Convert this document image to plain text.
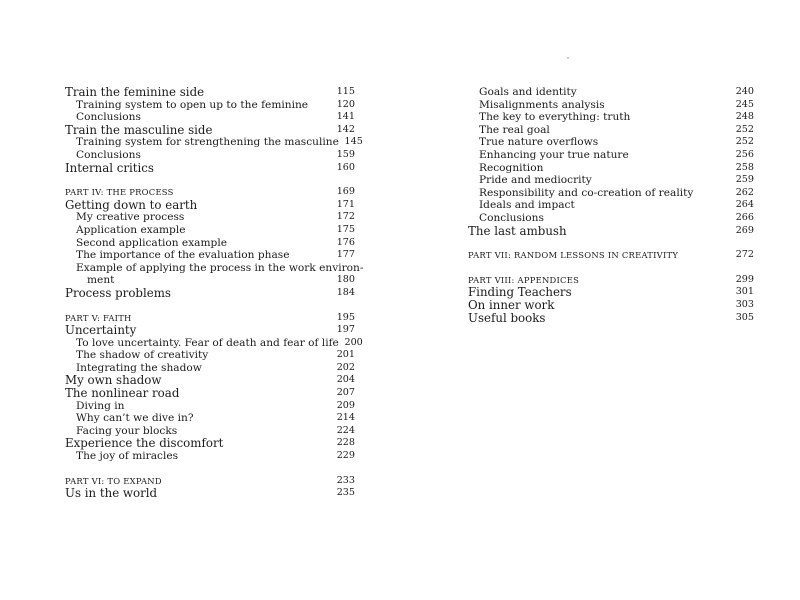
Train the feminine side	115
Training system to open up to the feminine	120
Conclusions	141
Train the masculine side	142
Training system for strengthening the masculine 145
Conclusions	159
Internal critics	160
PART IV: THE PROCESS	169
Getting down to earth	171
My creative process	172
Application example	175
Second application example	176
The importance of the evaluation phase	177
Example of applying the process in the work environ-
ment	180
Process problems	184
PART V: FAITH	195
Uncertainty	197
To love uncertainty. Fear of death and fear of life 200
The shadow of creativity	201
Integrating the shadow	202
My own shadow	204
The nonlinear road	207
Diving in	209
Why can’t we dive in?	214
Facing your blocks	224
Experience the discomfort	228
The joy of miracles	229
PART VI: TO EXPAND	233
Us in the world	235
Goals and identity	240
Misalignments analysis	245
The key to everything: truth	248
The real goal	252
True nature overflows	252
Enhancing your true nature	256
Recognition	258
Pride and mediocrity	259
Responsibility and co-creation of reality	262
Ideals and impact	264
Conclusions	266
The last ambush	269
PART VII: RANDOM LESSONS IN CREATIVITY	272
PART VIII: APPENDICES	299
Finding Teachers	301
On inner work	303
Useful books	305
